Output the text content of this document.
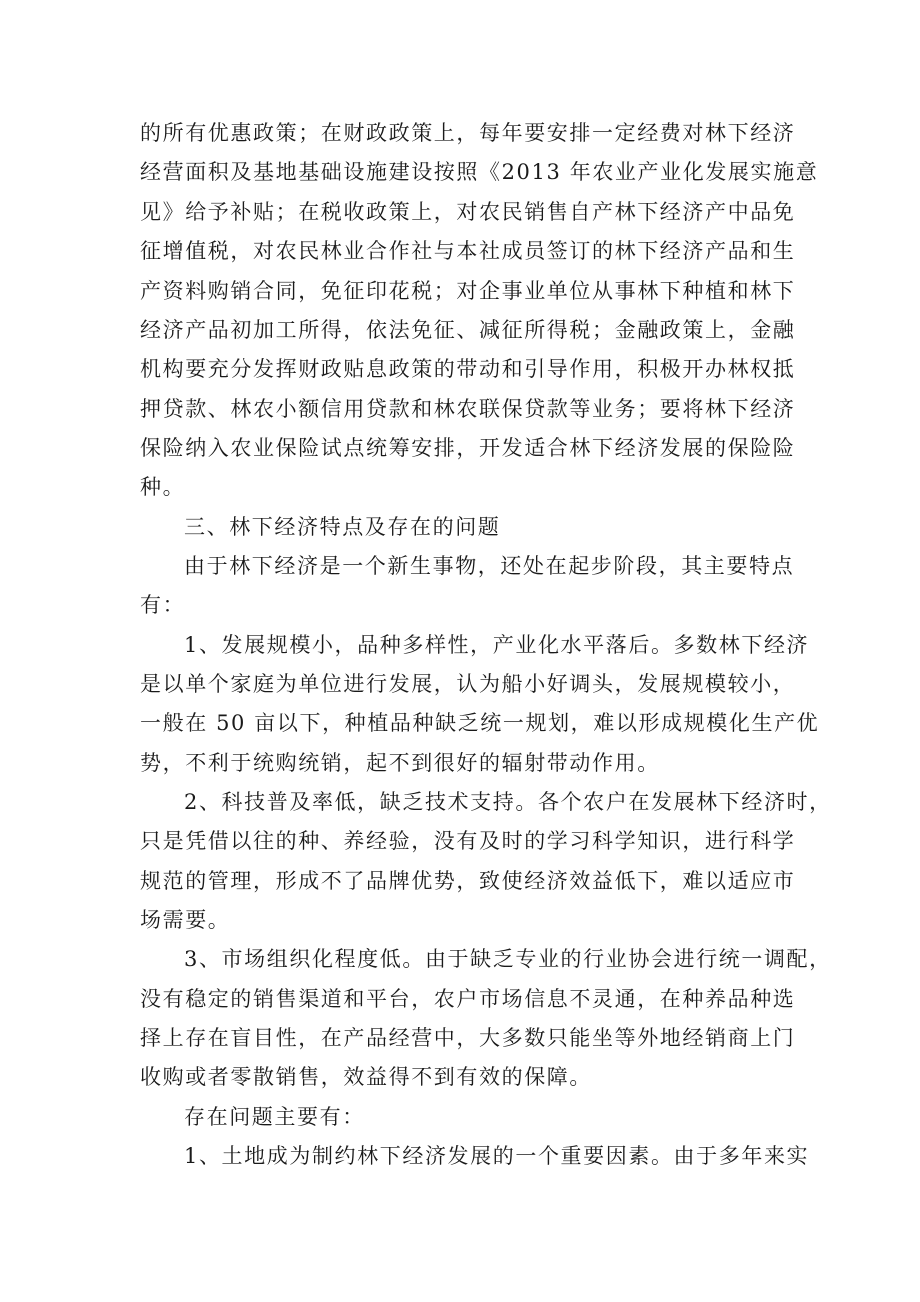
的所有优惠政策；在财政政策上，每年要安排一定经费对林下经济
经营面积及基地基础设施建设按照《2013 年农业产业化发展实施意
见》给予补贴；在税收政策上，对农民销售自产林下经济产中品免
征增值税，对农民林业合作社与本社成员签订的林下经济产品和生
产资料购销合同，免征印花税；对企事业单位从事林下种植和林下
经济产品初加工所得，依法免征、减征所得税；金融政策上，金融
机构要充分发挥财政贴息政策的带动和引导作用，积极开办林权抵
押贷款、林农小额信用贷款和林农联保贷款等业务；要将林下经济
保险纳入农业保险试点统筹安排，开发适合林下经济发展的保险险
种。
三、林下经济特点及存在的问题
由于林下经济是一个新生事物，还处在起步阶段，其主要特点
有：
1、发展规模小，品种多样性，产业化水平落后。多数林下经济
是以单个家庭为单位进行发展，认为船小好调头，发展规模较小，
一般在 50 亩以下，种植品种缺乏统一规划，难以形成规模化生产优
势，不利于统购统销，起不到很好的辐射带动作用。
2、科技普及率低，缺乏技术支持。各个农户在发展林下经济时，
只是凭借以往的种、养经验，没有及时的学习科学知识，进行科学
规范的管理，形成不了品牌优势，致使经济效益低下，难以适应市
场需要。
3、市场组织化程度低。由于缺乏专业的行业协会进行统一调配，
没有稳定的销售渠道和平台，农户市场信息不灵通，在种养品种选
择上存在盲目性，在产品经营中，大多数只能坐等外地经销商上门
收购或者零散销售，效益得不到有效的保障。
存在问题主要有：
1、土地成为制约林下经济发展的一个重要因素。由于多年来实
